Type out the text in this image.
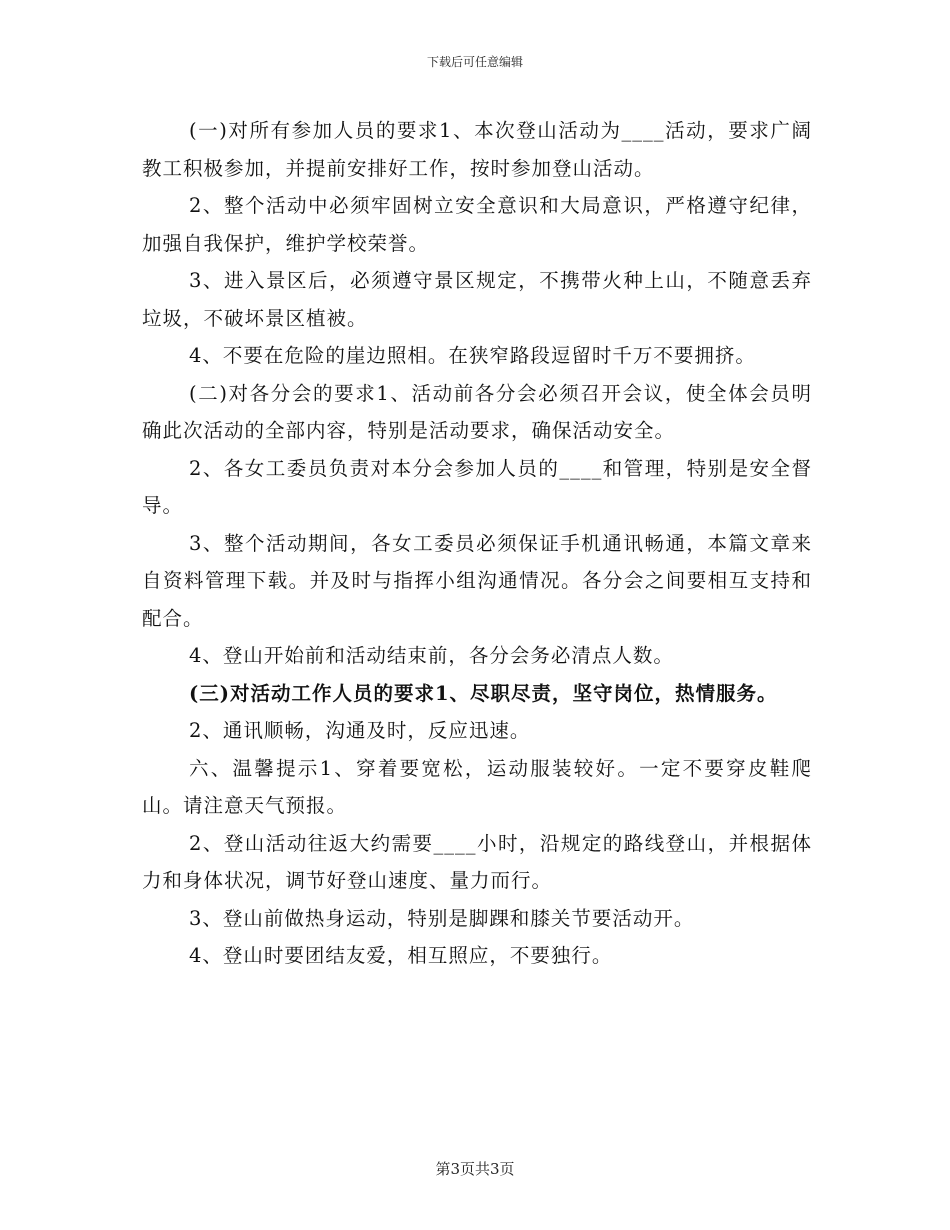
下载后可任意编辑

(一)对所有参加人员的要求1、本次登山活动为____活动，要求广阔教工积极参加，并提前安排好工作，按时参加登山活动。

2、整个活动中必须牢固树立安全意识和大局意识，严格遵守纪律，加强自我保护，维护学校荣誉。

3、进入景区后，必须遵守景区规定，不携带火种上山，不随意丢弃垃圾，不破坏景区植被。

4、不要在危险的崖边照相。在狭窄路段逗留时千万不要拥挤。

(二)对各分会的要求1、活动前各分会必须召开会议，使全体会员明确此次活动的全部内容，特别是活动要求，确保活动安全。

2、各女工委员负责对本分会参加人员的____和管理，特别是安全督导。

3、整个活动期间，各女工委员必须保证手机通讯畅通，本篇文章来自资料管理下载。并及时与指挥小组沟通情况。各分会之间要相互支持和配合。

4、登山开始前和活动结束前，各分会务必清点人数。

(三)对活动工作人员的要求1、尽职尽责，坚守岗位，热情服务。

2、通讯顺畅，沟通及时，反应迅速。

六、温馨提示1、穿着要宽松，运动服装较好。一定不要穿皮鞋爬山。请注意天气预报。

2、登山活动往返大约需要____小时，沿规定的路线登山，并根据体力和身体状况，调节好登山速度、量力而行。

3、登山前做热身运动，特别是脚踝和膝关节要活动开。

4、登山时要团结友爱，相互照应，不要独行。

第3页共3页
